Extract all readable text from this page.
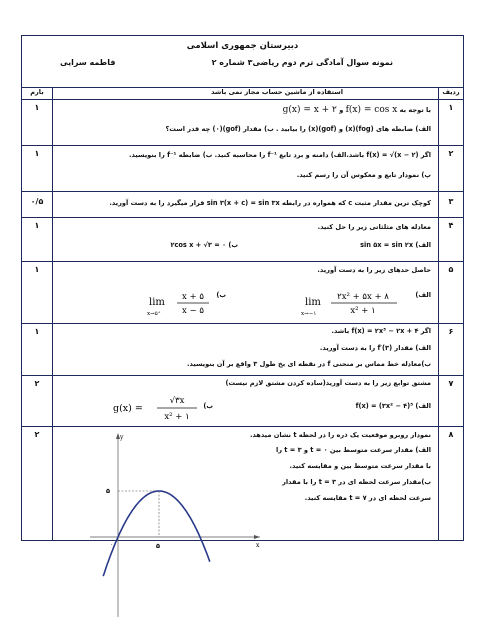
دبیرستان جمهوری اسلامی
نمونه سوال آمادگی ترم دوم ریاضی۳ شماره ۲
فاطمه سرایی
ردیف
بارم	استفاده از ماشین حساب مجاز نمی باشد
۱
۱	با توجه به f(x) = cos x و g(x) = x + ۲
الف) ضابطه های (fog)(x) و (gof)(x) را بیابید . ب) مقدار (gof)(۰) چه قدر است؟
۲
۱	اگر f(x) = √(x − ۲) باشد.الف) دامنه و برد تابع f⁻¹ را محاسبه کنید. ب) ضابطه f⁻¹ را بنویسید.
پ) نمودار تابع و معکوس آن را رسم کنید.
۳
۰/۵	کوچک ترین مقدار مثبت c که همواره در رابطه sin ۳(x + c) = sin ۳x قرار میگیرد را به دست آورید.
۴
۱	معادله های مثلثاتی زیر را حل کنید.
الف) sin ۵x = sin ۲x
ب) ۲cos x + √۳ = ۰
۵
۱	حاصل حدهای زیر را به دست آورید.
الف)
lim
x→−۱
۲x² + ۵x + ۸
x² + ۱
ب)
lim
x→۵⁺
x + ۵
x − ۵
۶
۱	اگر f(x) = ۲x³ − ۲x + ۴ باشد.
الف) مقدار f′(۳) را به دست آورید.
ب)معادله خط مماس بر منحنی f در نقطه ای بخ طول ۳ واقع بر آن بنویسید.
۷
۲	مشتق توابع زیر را به دست آورید(ساده کردن مشتق لازم نیست)
الف) f(x) = (۳x² − ۴)⁵
ب)
g(x) =
√۳x
x² + ۱
۸
۲	نمودار روبرو موقعیت یک ذره را در لحظه t نشان میدهد.
الف) مقدار سرعت متوسط بین t = ۰ و t = ۳ را
با مقدار سرعت متوسط بین و مقایسه کنید.
ب)مقدار سرعت لحظه ای در t = ۳ را با مقدار
سرعت لحظه ای در t = ۷ مقایسه کنید.
y
x
۵
۵
۰
